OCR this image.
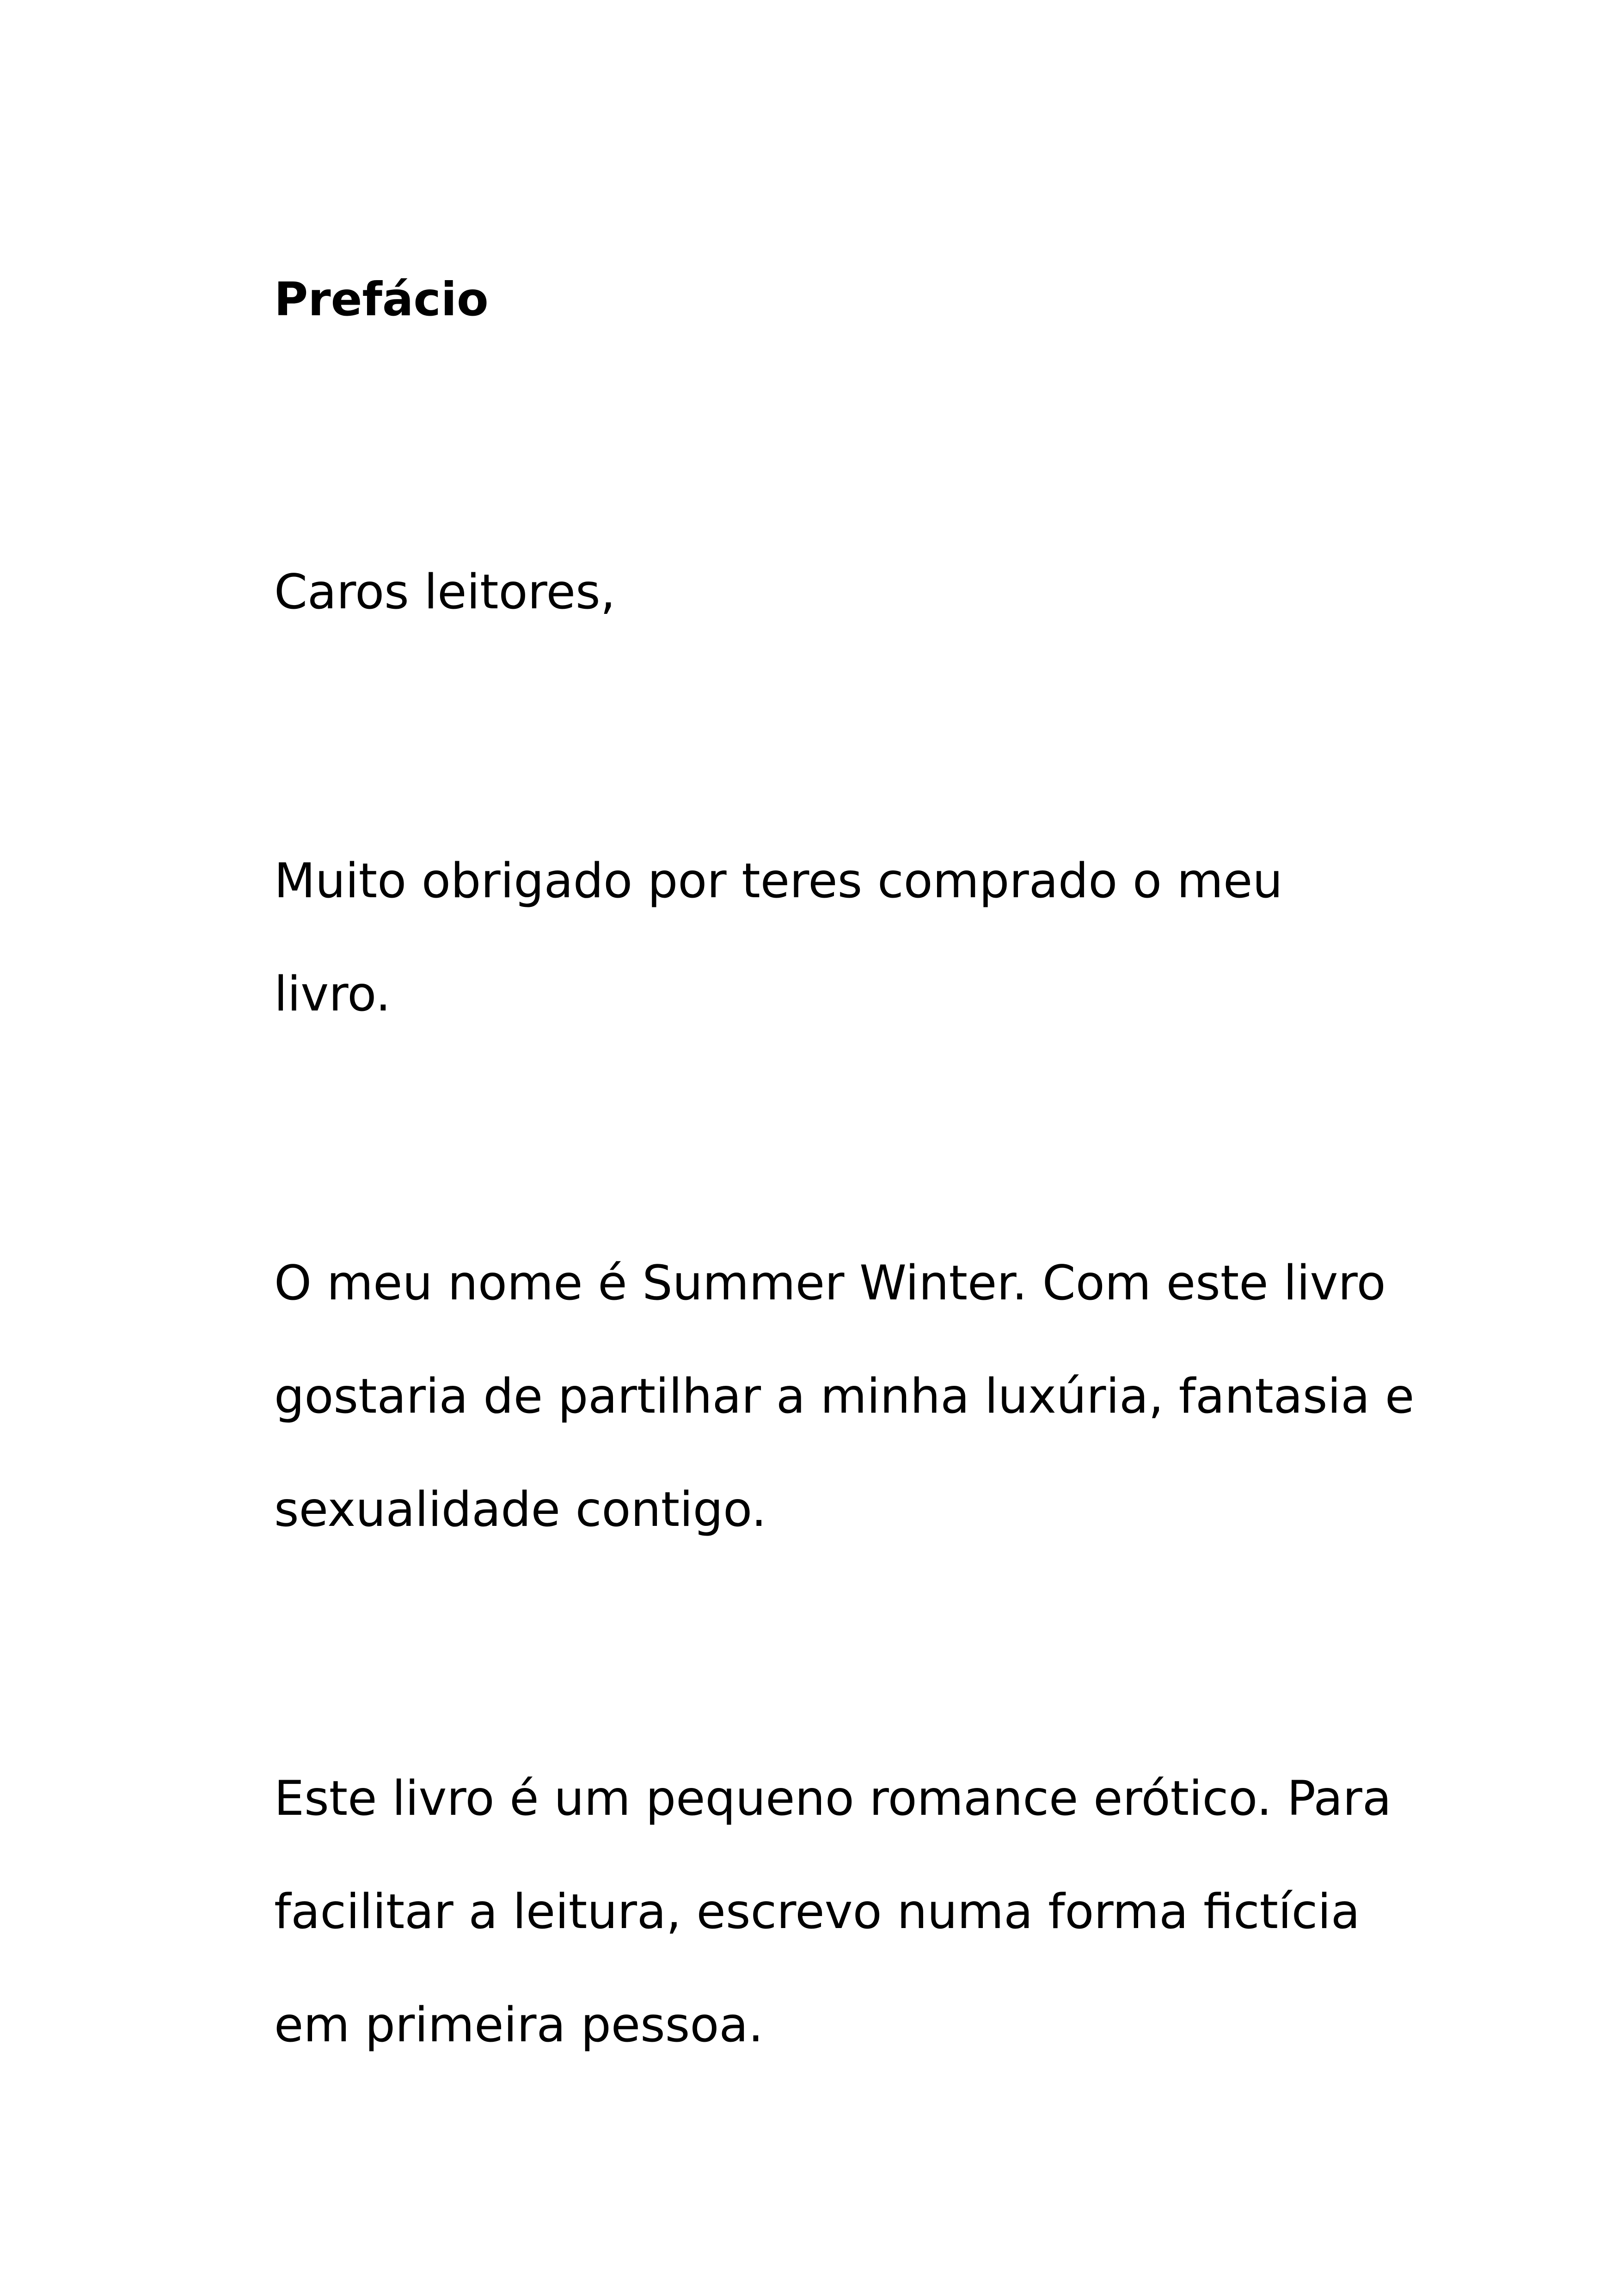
Prefácio

Caros leitores,

Muito obrigado por teres comprado o meu

livro.

O meu nome é Summer Winter. Com este livro

gostaria de partilhar a minha luxúria, fantasia e

sexualidade contigo.

Este livro é um pequeno romance erótico. Para

facilitar a leitura, escrevo numa forma fictícia

em primeira pessoa.
